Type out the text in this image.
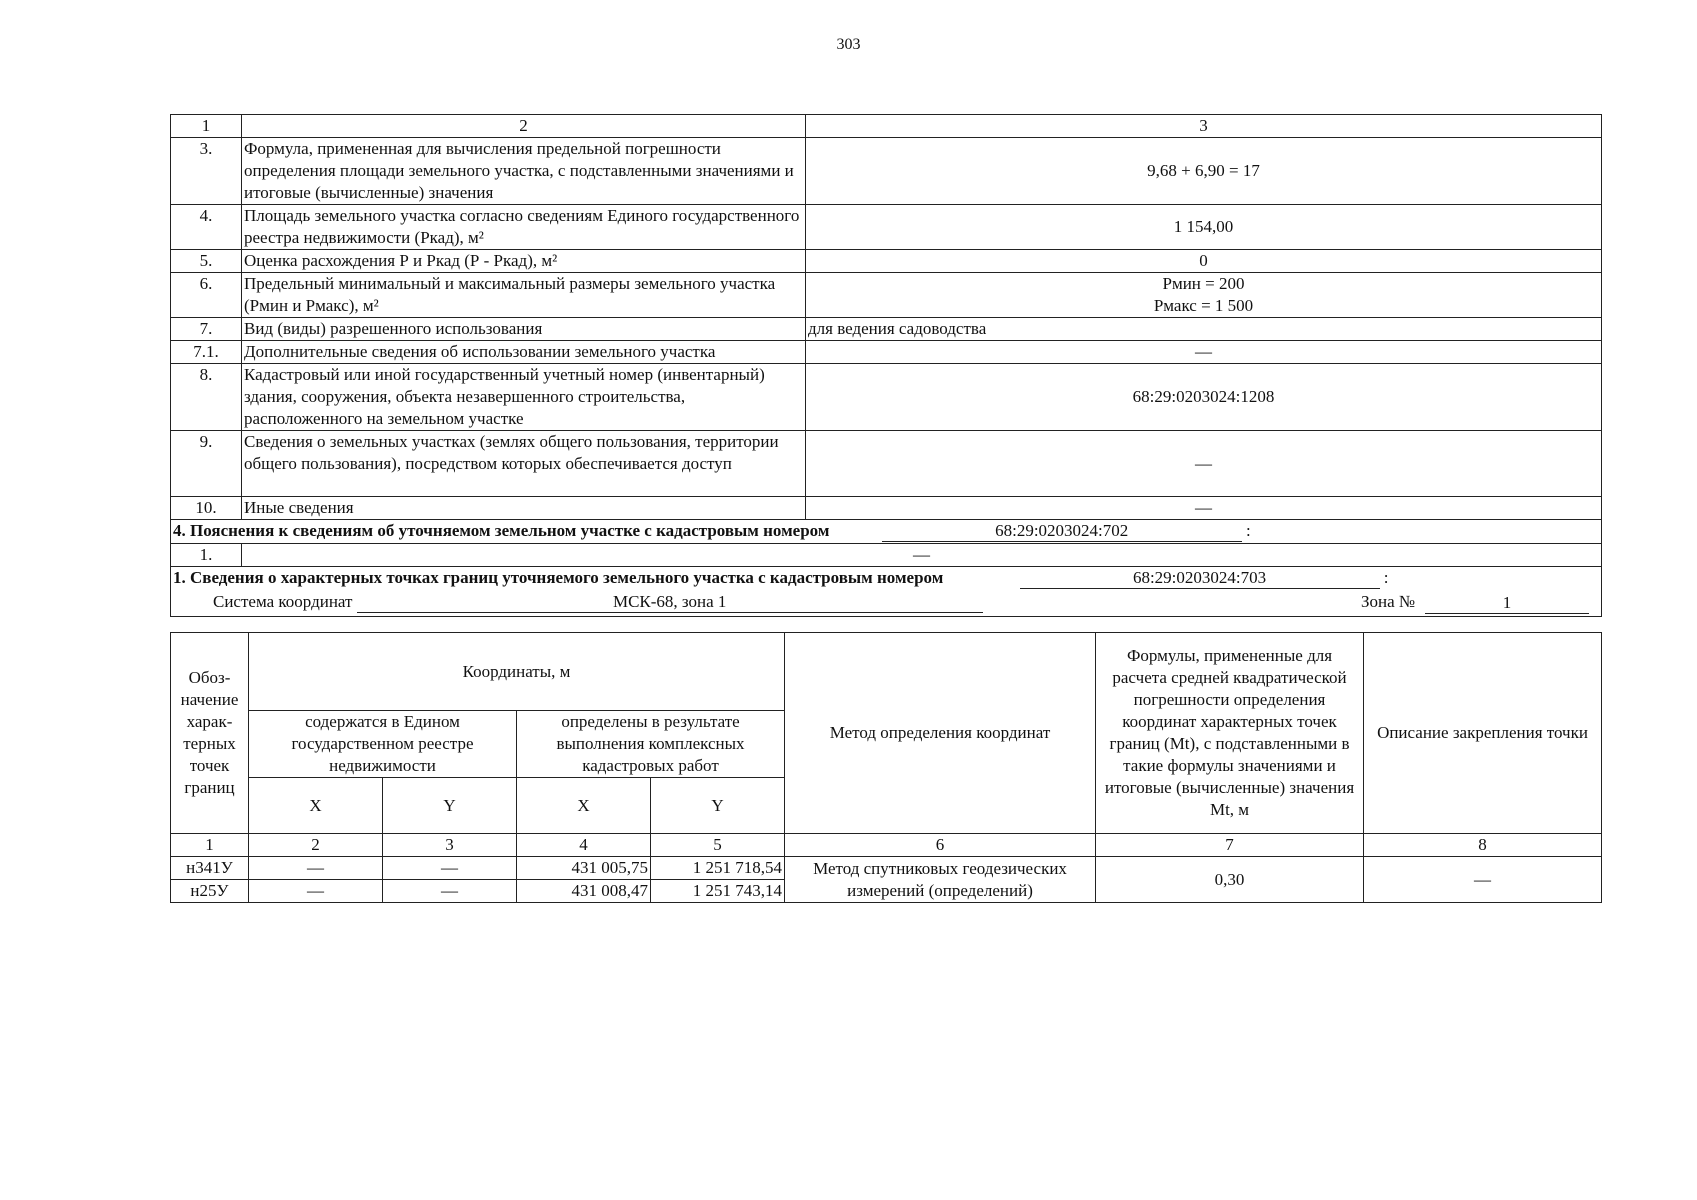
303
1	2	3
3.	Формула, примененная для вычисления предельной погрешности определения площади земельного участка, с подставленными значениями и итоговые (вычисленные) значения	9,68 + 6,90 = 17
4.	Площадь земельного участка согласно сведениям Единого государственного реестра недвижимости (Ркад), м²	1 154,00
5.	Оценка расхождения Р и Ркад (Р - Ркад), м²	0
6.	Предельный минимальный и максимальный размеры земельного участка (Рмин и Рмакс), м²	Рмин = 200
Рмакс = 1 500

7.	Вид (виды) разрешенного использования	для ведения садоводства
7.1.	Дополнительные сведения об использовании земельного участка	—
8.	Кадастровый или иной государственный учетный номер (инвентарный) здания, сооружения, объекта незавершенного строительства, расположенного на земельном участке	68:29:0203024:1208
9.	Сведения о земельных участках (землях общего пользования, территории общего пользования), посредством которых обеспечивается доступ	—
10.	Иные сведения	—
4. Пояснения к сведениям об уточняемом земельном участке с кадастровым номером 68:29:0203024:702 :		
1.	—	
1. Сведения о характерных точках границ уточняемого земельного участка с кадастровым номером 68:29:0203024:703 :		
Система координат МСК-68, зона 1 Зона № 1		
Обоз-начение харак-терных точек границ	Координаты, м				Метод определения координат	Формулы, примененные для расчета средней квадратической погрешности определения координат характерных точек границ (Mt), с подставленными в такие формулы значениями и итоговые (вычисленные) значения Mt, м	Описание закрепления точки
	содержатся в Едином государственном реестре недвижимости		определены в результате выполнения комплексных кадастровых работ				
	X	Y	X	Y			
1	2	3	4	5	6	7	8
н341У	—	—	431 005,75	1 251 718,54	Метод спутниковых геодезических измерений (определений)	0,30	—
н25У	—	—	431 008,47	1 251 743,14			
